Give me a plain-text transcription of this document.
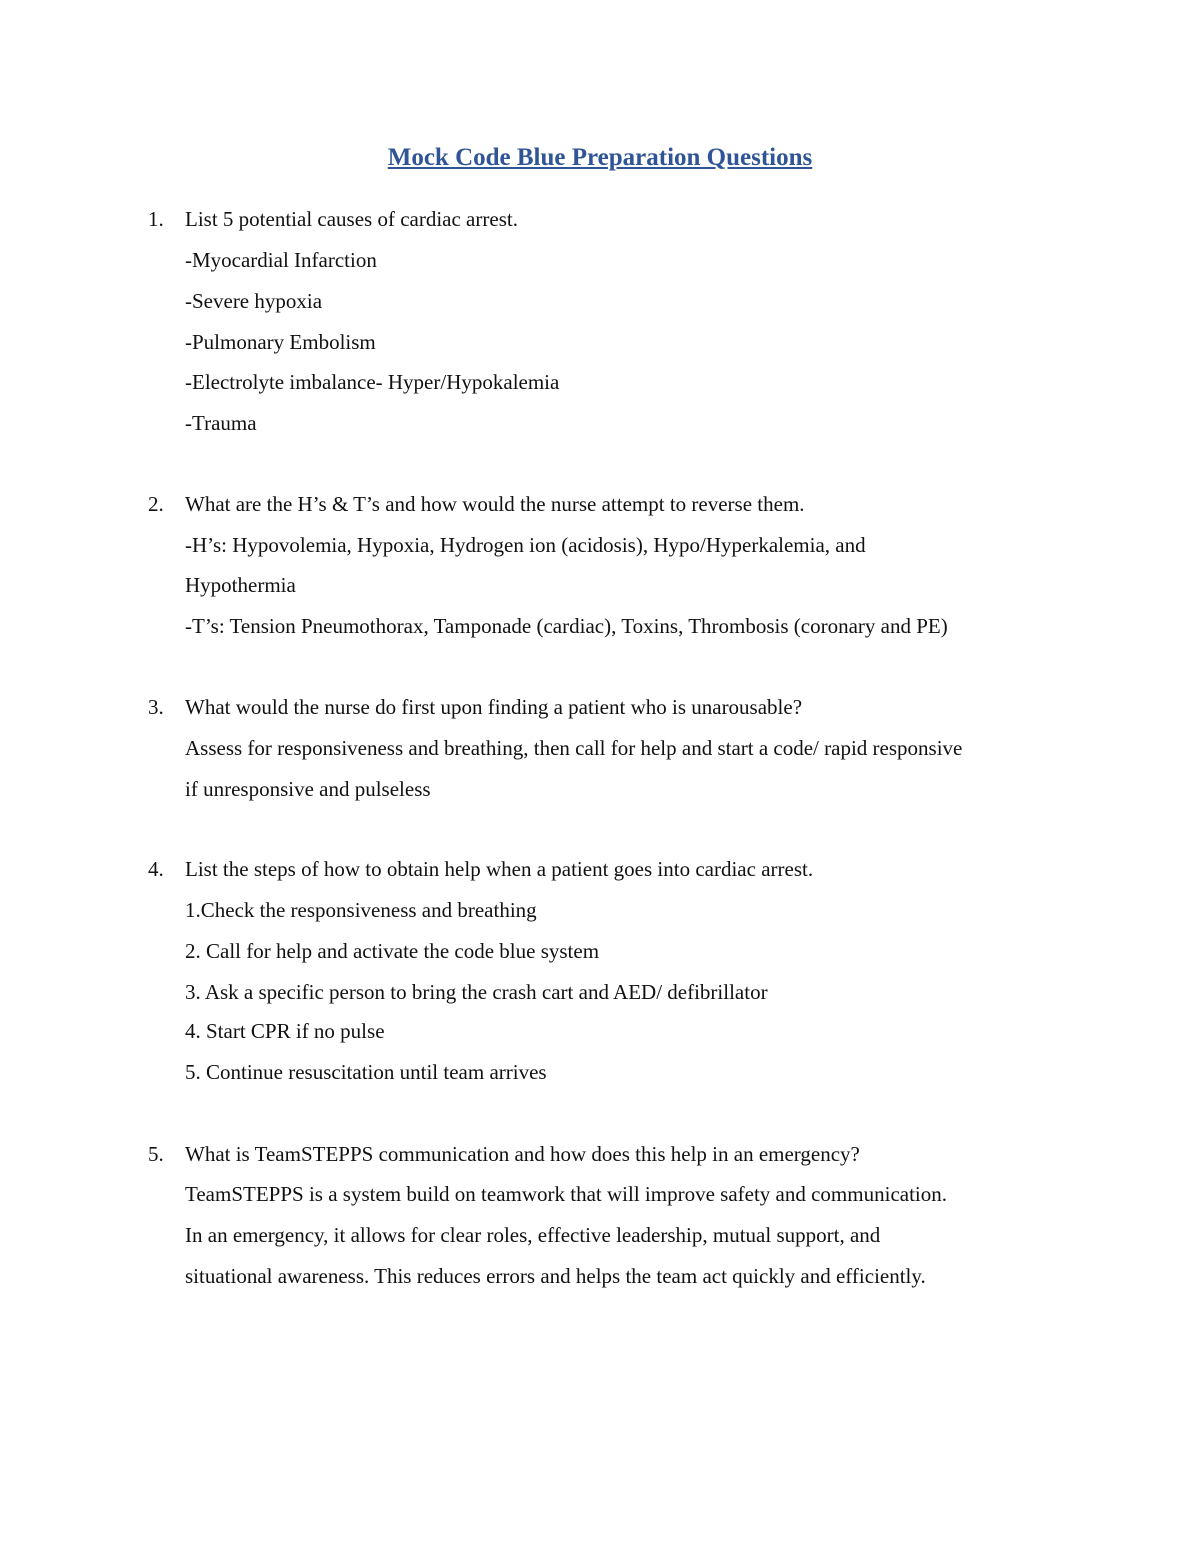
Mock Code Blue Preparation Questions
1. List 5 potential causes of cardiac arrest.
-Myocardial Infarction
-Severe hypoxia
-Pulmonary Embolism
-Electrolyte imbalance- Hyper/Hypokalemia
-Trauma
2. What are the H’s & T’s and how would the nurse attempt to reverse them.
-H’s: Hypovolemia, Hypoxia, Hydrogen ion (acidosis), Hypo/Hyperkalemia, and
Hypothermia
-T’s: Tension Pneumothorax, Tamponade (cardiac), Toxins, Thrombosis (coronary and PE)
3. What would the nurse do first upon finding a patient who is unarousable?
Assess for responsiveness and breathing, then call for help and start a code/ rapid responsive
if unresponsive and pulseless
4. List the steps of how to obtain help when a patient goes into cardiac arrest.
1.Check the responsiveness and breathing
2. Call for help and activate the code blue system
3. Ask a specific person to bring the crash cart and AED/ defibrillator
4. Start CPR if no pulse
5. Continue resuscitation until team arrives
5. What is TeamSTEPPS communication and how does this help in an emergency?
TeamSTEPPS is a system build on teamwork that will improve safety and communication.
In an emergency, it allows for clear roles, effective leadership, mutual support, and
situational awareness. This reduces errors and helps the team act quickly and efficiently.
